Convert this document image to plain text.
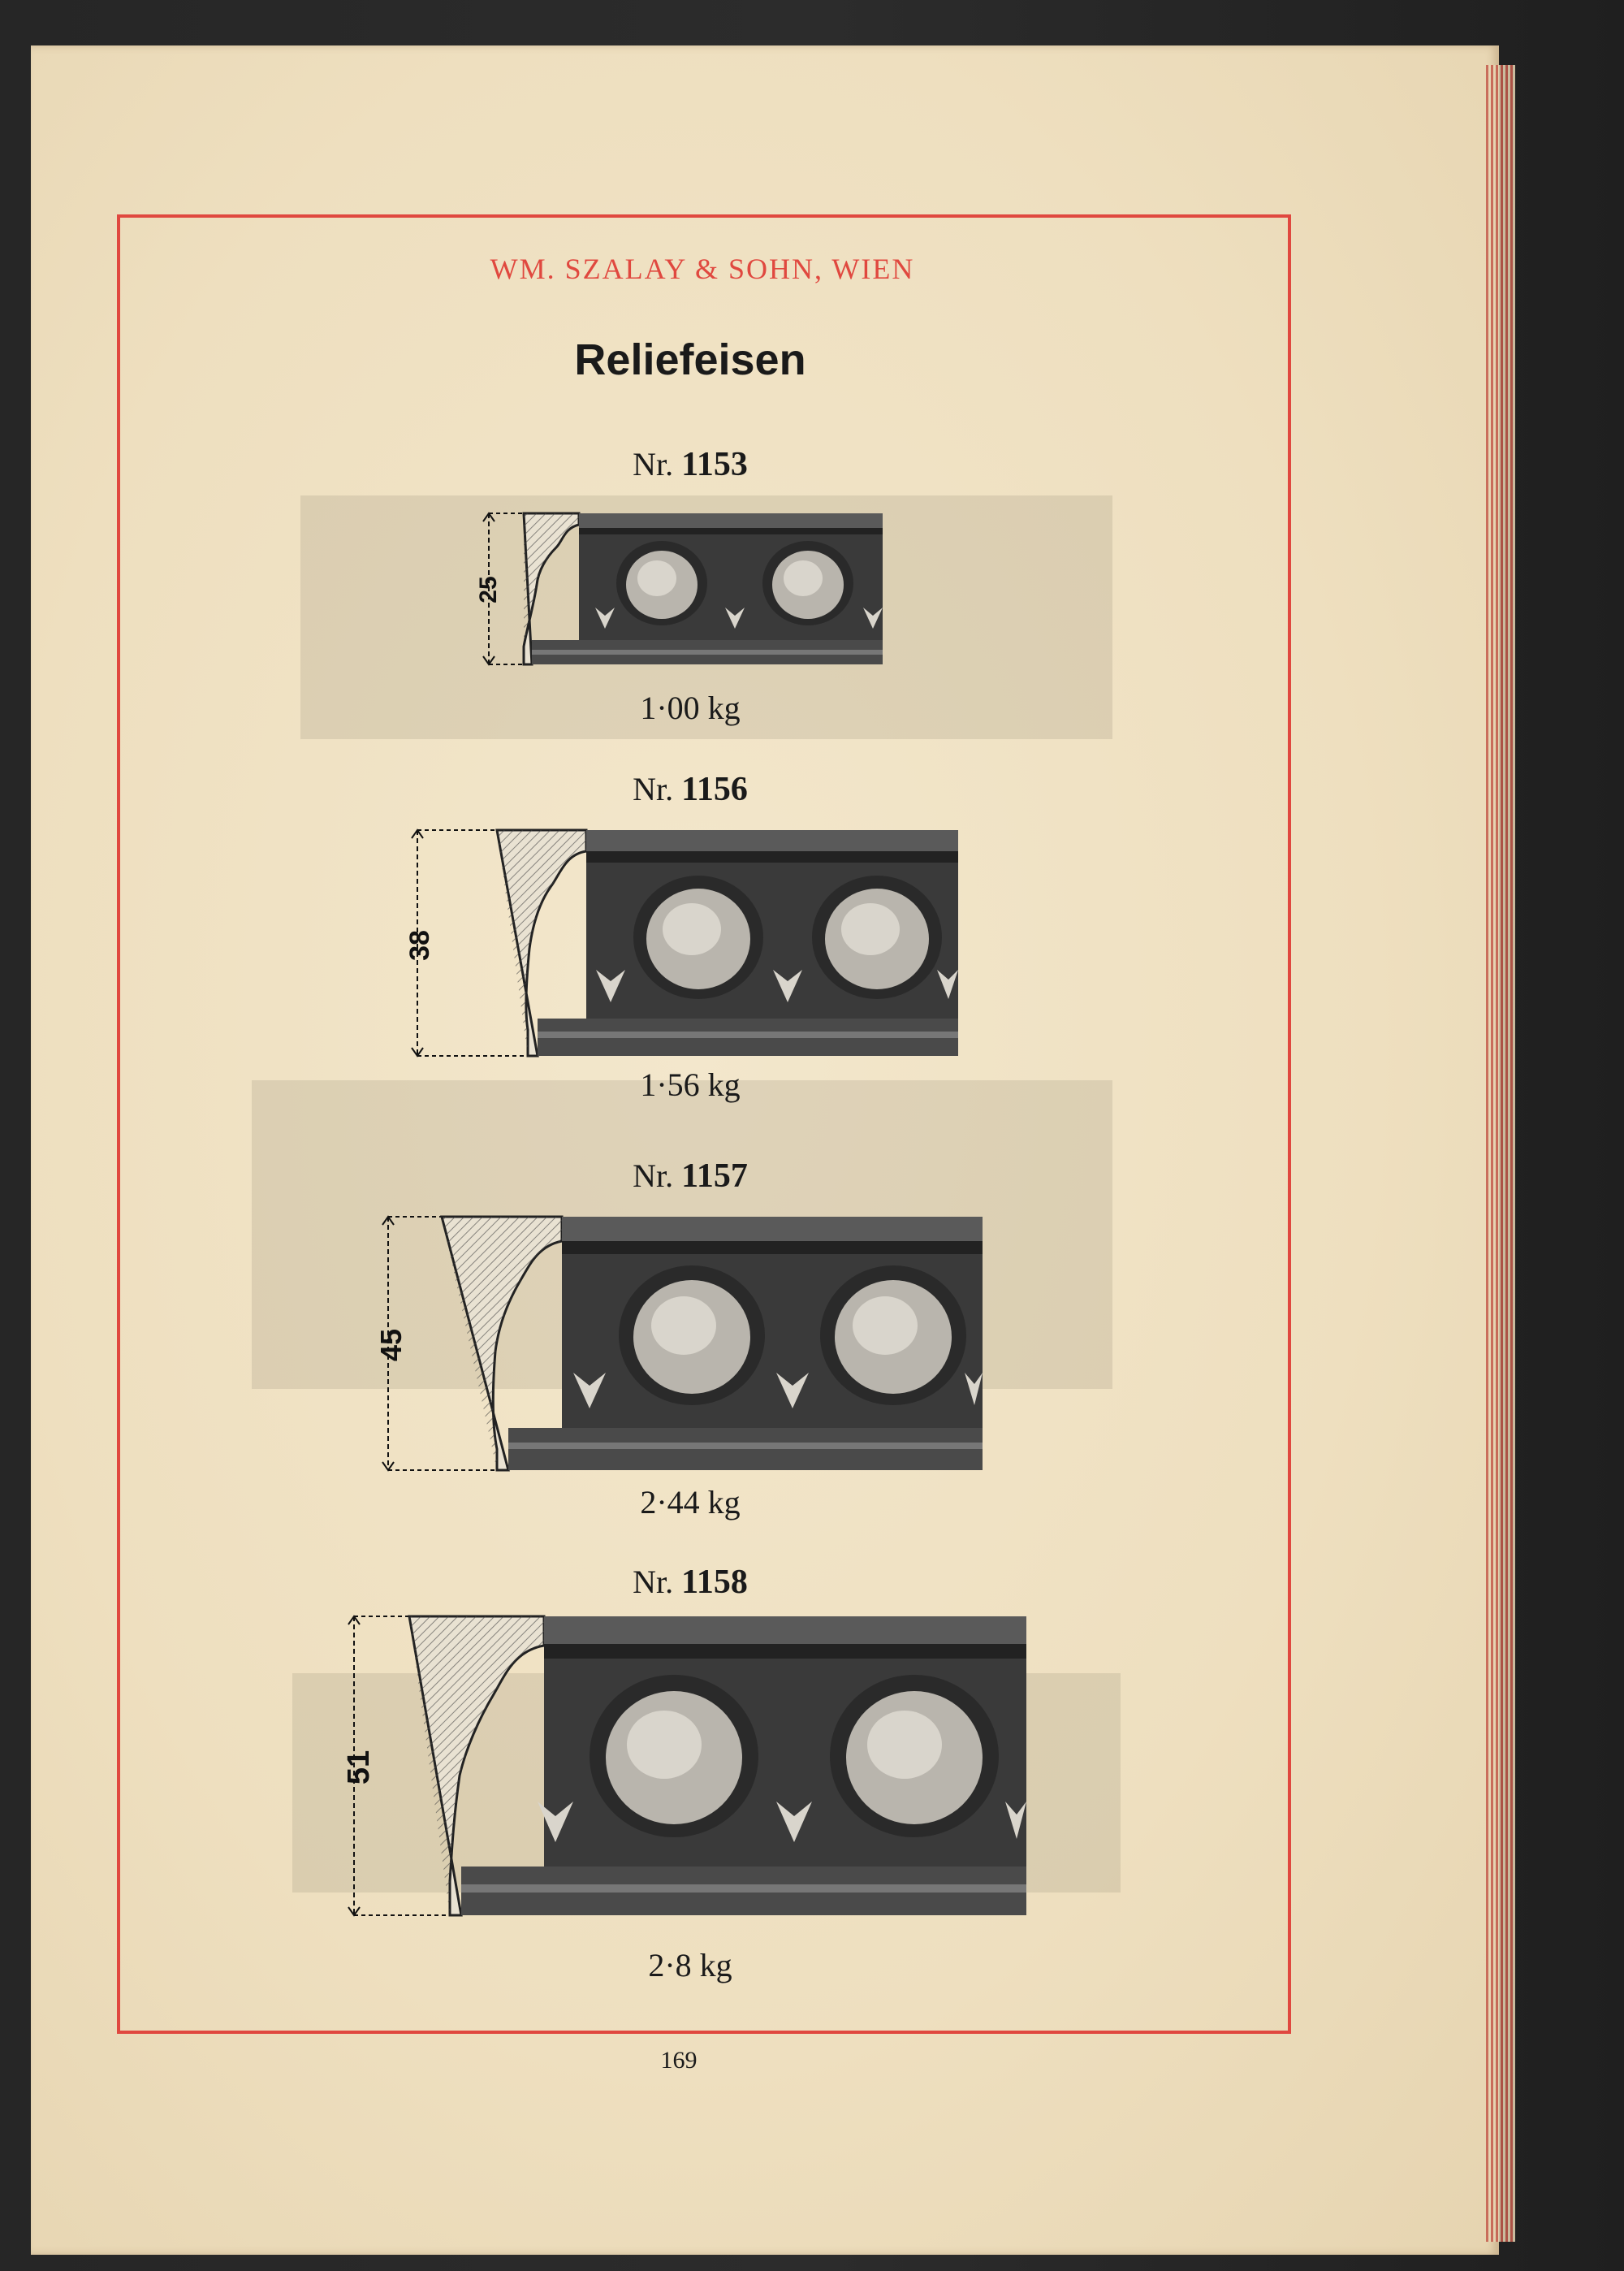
WM. SZALAY & SOHN, WIEN
Reliefeisen
Nr. 1153
25
1·00 kg
Nr. 1156
38
1·56 kg
Nr. 1157
45
2·44 kg
Nr. 1158
51
2·8 kg
169
